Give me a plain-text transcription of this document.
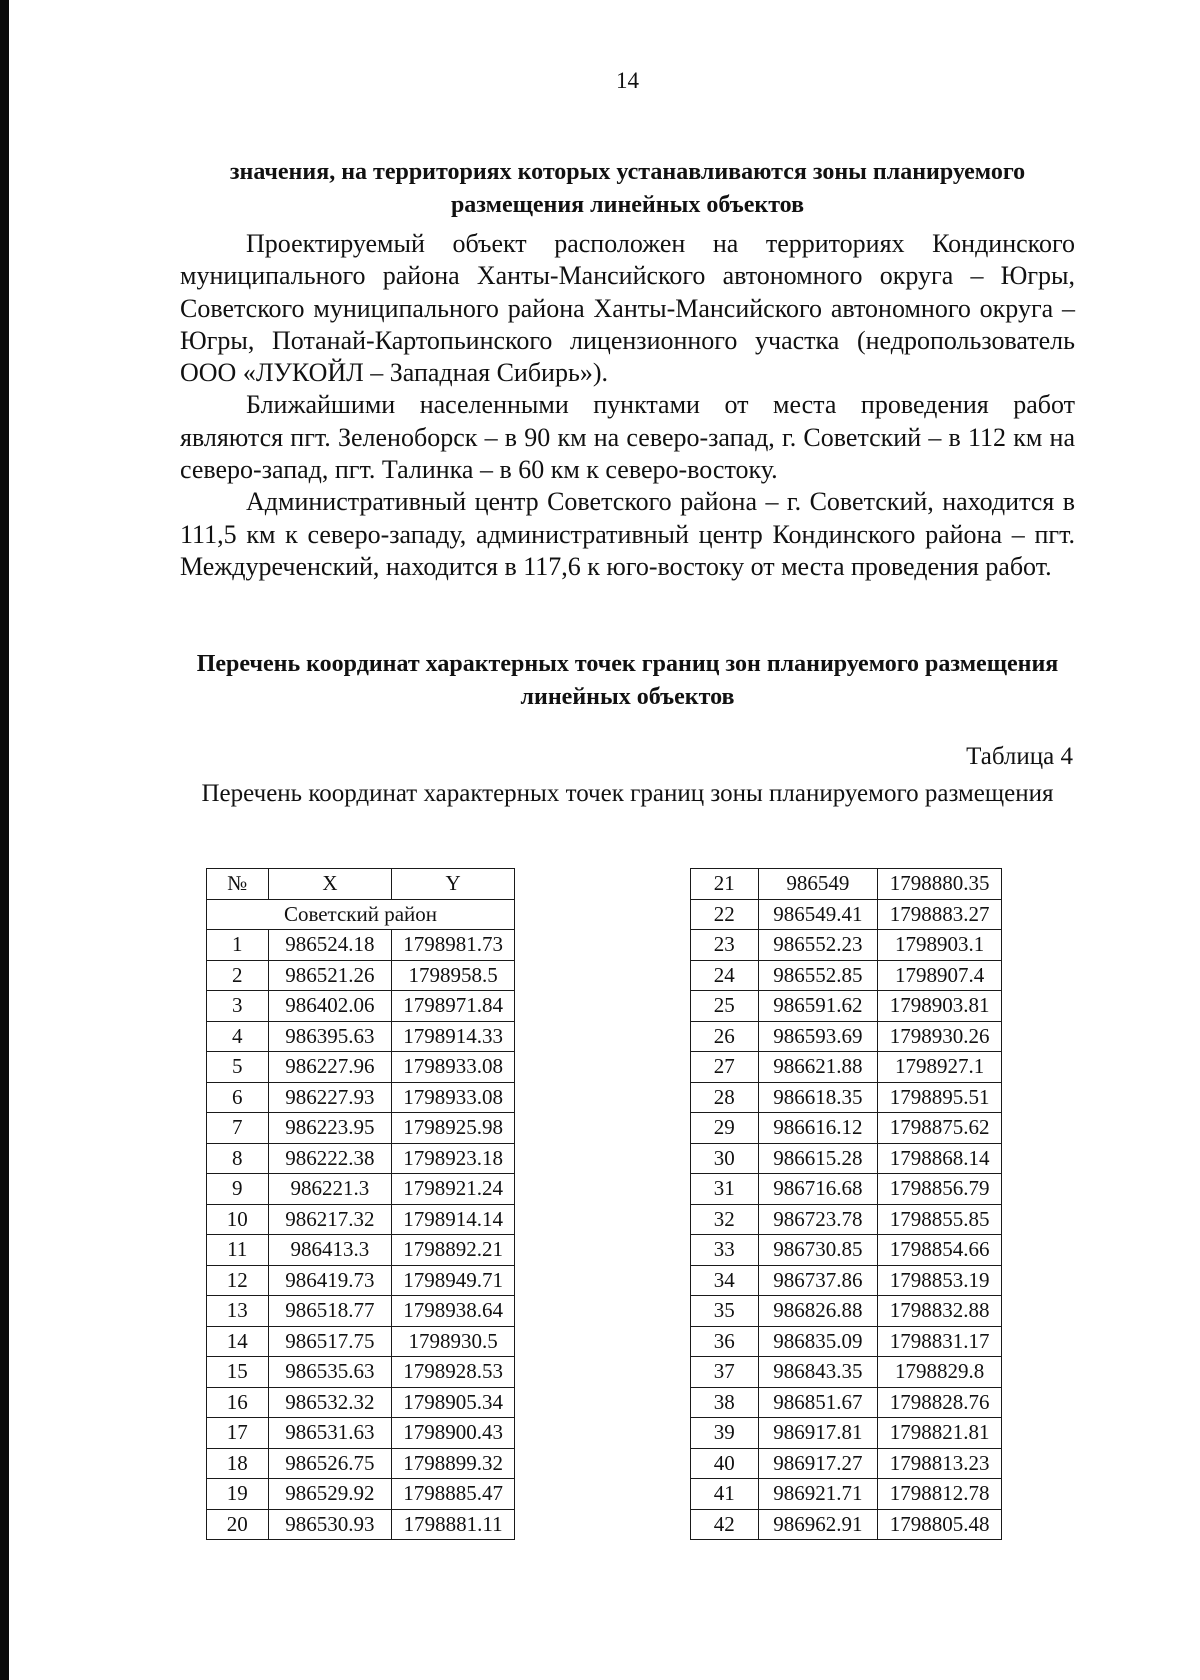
14
значения, на территориях которых устанавливаются зоны планируемого размещения линейных объектов

Проектируемый объект расположен на территориях Кондинского муниципального района Ханты-Мансийского автономного округа – Югры, Советского муниципального района Ханты-Мансийского автономного округа – Югры, Потанай-Картопьинского лицензионного участка (недропользователь ООО «ЛУКОЙЛ – Западная Сибирь»).

Ближайшими населенными пунктами от места проведения работ являются пгт. Зеленоборск – в 90 км на северо-запад, г. Советский – в 112 км на северо-запад, пгт. Талинка – в 60 км к северо-востоку.

Административный центр Советского района – г. Советский, находится в 111,5 км к северо-западу, административный центр Кондинского района – пгт. Междуреченский, находится в 117,6 к юго-востоку от места проведения работ.

Перечень координат характерных точек границ зон планируемого размещения линейных объектов
Таблица 4
Перечень координат характерных точек границ зоны планируемого размещения
№	X	Y
Советский район		
1	986524.18	1798981.73
2	986521.26	1798958.5
3	986402.06	1798971.84
4	986395.63	1798914.33
5	986227.96	1798933.08
6	986227.93	1798933.08
7	986223.95	1798925.98
8	986222.38	1798923.18
9	986221.3	1798921.24
10	986217.32	1798914.14
11	986413.3	1798892.21
12	986419.73	1798949.71
13	986518.77	1798938.64
14	986517.75	1798930.5
15	986535.63	1798928.53
16	986532.32	1798905.34
17	986531.63	1798900.43
18	986526.75	1798899.32
19	986529.92	1798885.47
20	986530.93	1798881.11
21	986549	1798880.35
22	986549.41	1798883.27
23	986552.23	1798903.1
24	986552.85	1798907.4
25	986591.62	1798903.81
26	986593.69	1798930.26
27	986621.88	1798927.1
28	986618.35	1798895.51
29	986616.12	1798875.62
30	986615.28	1798868.14
31	986716.68	1798856.79
32	986723.78	1798855.85
33	986730.85	1798854.66
34	986737.86	1798853.19
35	986826.88	1798832.88
36	986835.09	1798831.17
37	986843.35	1798829.8
38	986851.67	1798828.76
39	986917.81	1798821.81
40	986917.27	1798813.23
41	986921.71	1798812.78
42	986962.91	1798805.48
